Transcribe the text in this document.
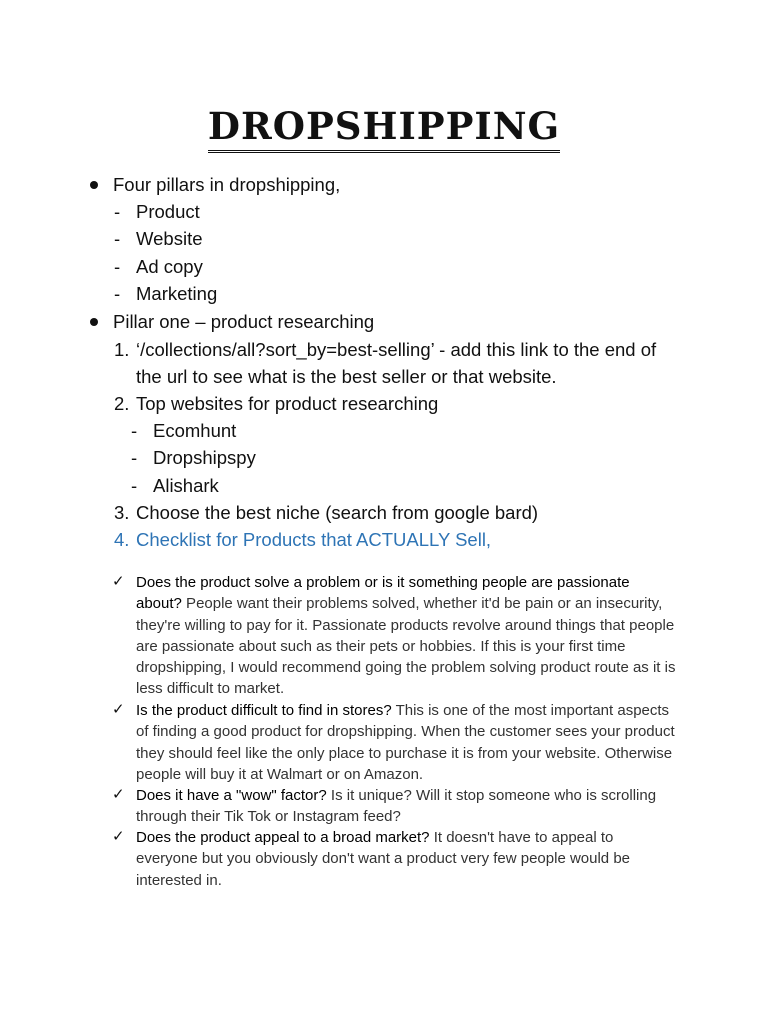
DROPSHIPPING
Four pillars in dropshipping,
- Product
- Website
- Ad copy
- Marketing
Pillar one – product researching
1. ‘/collections/all?sort_by=best-selling’ - add this link to the end of
the url to see what is the best seller or that website.
2. Top websites for product researching
- Ecomhunt
- Dropshipspy
- Alishark
3. Choose the best niche (search from google bard)
4. Checklist for Products that ACTUALLY Sell,
✓ Does the product solve a problem or is it something people are passionate about? People want their problems solved, whether it'd be pain or an insecurity, they're willing to pay for it. Passionate products revolve around things that people are passionate about such as their pets or hobbies. If this is your first time dropshipping, I would recommend going the problem solving product route as it is less difficult to market.
✓ Is the product difficult to find in stores? This is one of the most important aspects of finding a good product for dropshipping. When the customer sees your product they should feel like the only place to purchase it is from your website. Otherwise people will buy it at Walmart or on Amazon.
✓ Does it have a "wow" factor? Is it unique? Will it stop someone who is scrolling through their Tik Tok or Instagram feed?
✓ Does the product appeal to a broad market? It doesn't have to appeal to everyone but you obviously don't want a product very few people would be interested in.
